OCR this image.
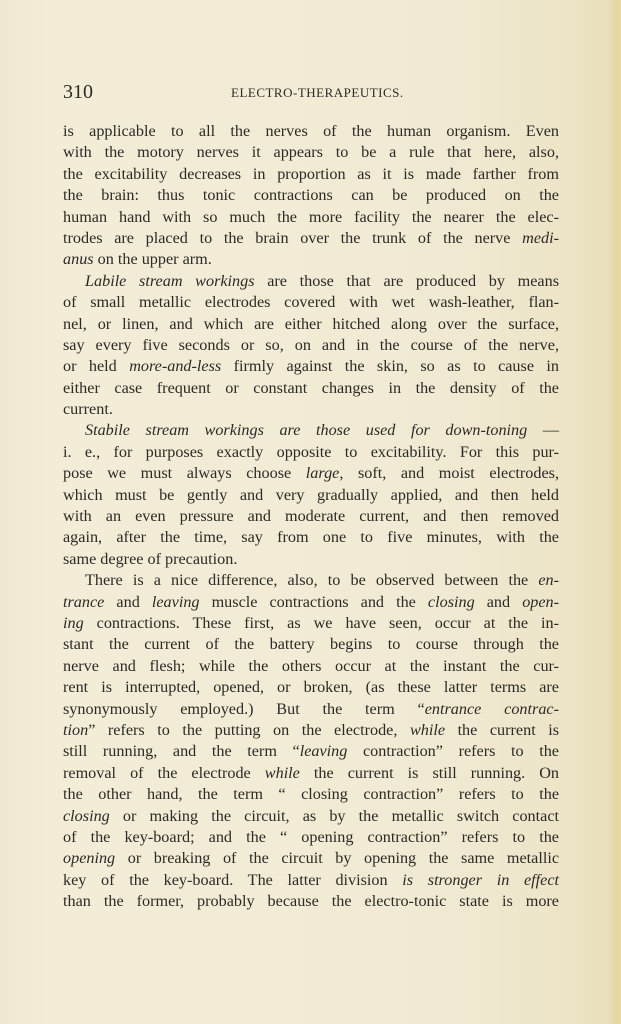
310	ELECTRO-THERAPEUTICS.
is applicable to all the nerves of the human organism. Even
with the motory nerves it appears to be a rule that here, also,
the excitability decreases in proportion as it is made farther from
the brain: thus tonic contractions can be produced on the
human hand with so much the more facility the nearer the elec-
trodes are placed to the brain over the trunk of the nerve medi-
anus on the upper arm.
Labile stream workings are those that are produced by means
of small metallic electrodes covered with wet wash-leather, flan-
nel, or linen, and which are either hitched along over the surface,
say every five seconds or so, on and in the course of the nerve,
or held more-and-less firmly against the skin, so as to cause in
either case frequent or constant changes in the density of the
current.
Stabile stream workings are those used for down-toning —
i. e., for purposes exactly opposite to excitability. For this pur-
pose we must always choose large, soft, and moist electrodes,
which must be gently and very gradually applied, and then held
with an even pressure and moderate current, and then removed
again, after the time, say from one to five minutes, with the
same degree of precaution.
There is a nice difference, also, to be observed between the en-
trance and leaving muscle contractions and the closing and open-
ing contractions. These first, as we have seen, occur at the in-
stant the current of the battery begins to course through the
nerve and flesh; while the others occur at the instant the cur-
rent is interrupted, opened, or broken, (as these latter terms are
synonymously employed.) But the term “entrance contrac-
tion” refers to the putting on the electrode, while the current is
still running, and the term “leaving contraction” refers to the
removal of the electrode while the current is still running. On
the other hand, the term “ closing contraction” refers to the
closing or making the circuit, as by the metallic switch contact
of the key-board; and the “ opening contraction” refers to the
opening or breaking of the circuit by opening the same metallic
key of the key-board. The latter division is stronger in effect
than the former, probably because the electro-tonic state is more
